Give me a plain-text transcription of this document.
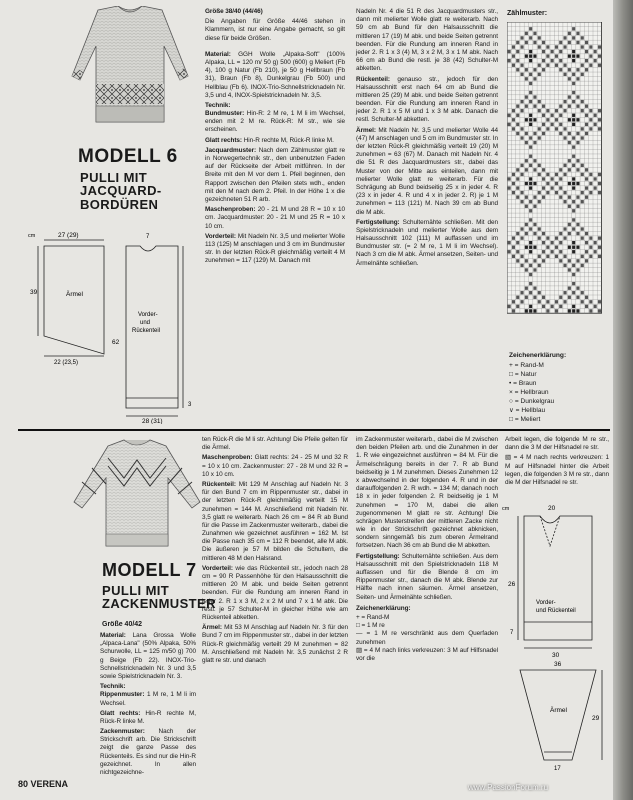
MODELL 6
PULLI MIT JACQUARD-BORDÜREN
Ärmel
39
27 (29)
22 (23,5)
Vorder-
und
Rückenteil
62
28 (31)
7
3
cm

Größe 38/40 (44/46)

Die Angaben für Größe 44/46 stehen in Klammern, ist nur eine Angabe gemacht, so gilt diese für beide Größen.

Material: GGH Wolle „Alpaka-Soft" (100% Alpaka, LL = 120 m/ 50 g) 500 (600) g Meliert (Fb 4), 100 g Natur (Fb 210), je 50 g Hellbraun (Fb 31), Braun (Fb 8), Dunkelgrau (Fb 500) und Hellblau (Fb 6). INOX-Trio-Schnellstricknadeln Nr. 3,5 und 4, INOX-Spielstricknadeln Nr. 3,5.

Technik:

Bundmuster: Hin-R: 2 M re, 1 M li im Wechsel, enden mit 2 M re. Rück-R: M str., wie sie erscheinen.

Glatt rechts: Hin-R rechte M, Rück-R linke M.

Jacquardmuster: Nach dem Zählmuster glatt re in Norwegertechnik str., den unbenutzten Faden auf der Rückseite der Arbeit mitführen. In der Breite mit den M vor dem 1. Pfeil beginnen, den Rapport zwischen den Pfeilen stets wdh., enden mit den M nach dem 2. Pfeil. In der Höhe 1 x die gezeichneten 51 R arb.

Maschenproben: 20 - 21 M und 28 R = 10 x 10 cm. Jacquardmuster: 20 - 21 M und 25 R = 10 x 10 cm.

Vorderteil: Mit Nadeln Nr. 3,5 und melierter Wolle 113 (125) M anschlagen und 3 cm im Bundmuster str. In der letzten Rück-R gleichmäßig verteilt 4 M zunehmen = 117 (129) M. Danach mit

Nadeln Nr. 4 die 51 R des Jacquardmusters str., dann mit melierter Wolle glatt re weiterarb. Nach 59 cm ab Bund für den Halsausschnitt die mittleren 17 (19) M abk. und beide Seiten getrennt beenden. Für die Rundung am inneren Rand in jeder 2. R 1 x 3 (4) M, 3 x 2 M, 3 x 1 M abk. Nach 66 cm ab Bund die restl. je 38 (42) Schulter-M abketten.

Rückenteil: genauso str., jedoch für den Halsausschnitt erst nach 64 cm ab Bund die mittleren 25 (29) M abk. und beide Seiten getrennt beenden. Für die Rundung am inneren Rand in jeder 2. R 1 x 5 M und 1 x 3 M abk. Danach die restl. Schulter-M abketten.

Ärmel: Mit Nadeln Nr. 3,5 und melierter Wolle 44 (47) M anschlagen und 5 cm im Bundmuster str. In der letzten Rück-R gleichmäßig verteilt 19 (20) M zunehmen = 63 (67) M. Danach mit Nadeln Nr. 4 die 51 R des Jacquardmusters str., dabei das Muster von der Mitte aus einteilen, dann mit melierter Wolle glatt re weiterarb. Für die Schrägung ab Bund beidseitig 25 x in jeder 4. R (23 x in jeder 4. R und 4 x in jeder 2. R) je 1 M zunehmen = 113 (121) M. Nach 39 cm ab Bund die M abk.

Fertigstellung: Schulternähte schließen. Mit den Spielstricknadeln und melierter Wolle aus dem Halsausschnitt 102 (111) M auffassen und im Bundmuster str. (= 2 M re, 1 M li im Wechsel). Nach 3 cm die M abk. Ärmel ansetzen, Seiten- und Ärmelnähte schließen.

Zählmuster:
Zeichenerklärung:
+ = Rand-M
□ = Natur
• = Braun
× = Hellbraun
○ = Dunkelgrau
∨ = Hellblau
□ = Meliert
MODELL 7
PULLI MIT ZACKENMUSTER
Größe 40/42

Material: Lana Grossa Wolle „Alpaca-Lana" (50% Alpaka, 50% Schurwolle, LL = 125 m/50 g) 700 g Beige (Fb 22). INOX-Trio-Schnellstricknadeln Nr. 3 und 3,5 sowie Spielstricknadeln Nr. 3.

Technik:

Rippenmuster: 1 M re, 1 M li im Wechsel.

Glatt rechts: Hin-R rechte M, Rück-R linke M.

Zackenmuster: Nach der Strickschrift arb. Die Strickschrift zeigt die ganze Passe des Rückenteils. Es sind nur die Hin-R gezeichnet. In allen nichtgezeichne-

ten Rück-R die M li str. Achtung! Die Pfeile gelten für die Ärmel.

Maschenproben: Glatt rechts: 24 - 25 M und 32 R = 10 x 10 cm. Zackenmuster: 27 - 28 M und 32 R = 10 x 10 cm.

Rückenteil: Mit 129 M Anschlag auf Nadeln Nr. 3 für den Bund 7 cm im Rippenmuster str., dabei in der letzten Rück-R gleichmäßig verteilt 15 M zunehmen = 144 M. Anschließend mit Nadeln Nr. 3,5 glatt re weiterarb. Nach 26 cm = 84 R ab Bund für die Passe im Zackenmuster weiterarb., dabei die Zunahmen wie gezeichnet ausführen = 162 M. Ist die Passe nach 35 cm = 112 R beendet, alle M abk. Die äußeren je 57 M bilden die Schultern, die mittleren 48 M den Halsrand.

Vorderteil: wie das Rückenteil str., jedoch nach 28 cm = 90 R Passenhöhe für den Halsausschnitt die mittleren 20 M abk. und beide Seiten getrennt beenden. Für die Rundung am inneren Rand in jeder 2. R 1 x 3 M, 2 x 2 M und 7 x 1 M abk. Die restl. je 57 Schulter-M in gleicher Höhe wie am Rückenteil abketten.

Ärmel: Mit 53 M Anschlag auf Nadeln Nr. 3 für den Bund 7 cm im Rippenmuster str., dabei in der letzten Rück-R gleichmäßig verteilt 29 M zunehmen = 82 M. Anschließend mit Nadeln Nr. 3,5 zunächst 2 R glatt re str. und danach

im Zackenmuster weiterarb., dabei die M zwischen den beiden Pfeilen arb. und die Zunahmen in der 1. R wie eingezeichnet ausführen = 84 M. Für die Ärmelschrägung bereits in der 7. R ab Bund beidseitig je 1 M zunehmen. Dieses Zunehmen 12 x abwechselnd in der folgenden 4. R und in der darauffolgenden 2. R wdh. = 134 M; danach noch 18 x in jeder folgenden 2. R beidseitig je 1 M zunehmen = 170 M, dabei die allen zugenommenen M glatt re str. Achtung! Die schrägen Musterstreifen der mittleren Zacke nicht wie in der Strickschrift gezeichnet abknicken, sondern sinngemäß bis zum oberen Ärmelrand fortsetzen. Nach 36 cm ab Bund die M abketten.

Fertigstellung: Schulternähte schließen. Aus dem Halsausschnitt mit den Spielstricknadeln 118 M auffassen und für die Blende 8 cm im Rippenmuster str., danach die M abk. Blende zur Hälfte nach innen säumen. Ärmel ansetzen, Seiten- und Ärmelnähte schließen.

Zeichenerklärung:

+ = Rand-M

□ = 1 M re

— = 1 M re verschränkt aus dem Querfaden zunehmen

▨ = 4 M nach links verkreuzen: 3 M auf Hilfsnadel vor die

Arbeit legen, die folgende M re str., dann die 3 M der Hilfsnadel re str.

▧ = 4 M nach rechts verkreuzen: 1 M auf Hilfsnadel hinter die Arbeit legen, die folgenden 3 M re str., dann die M der Hilfsnadel re str.

20
Vorder-
und Rückenteil
26
30
7
Ärmel
36
29
17
cm
80 VERENA	www.PassionForum.ru
